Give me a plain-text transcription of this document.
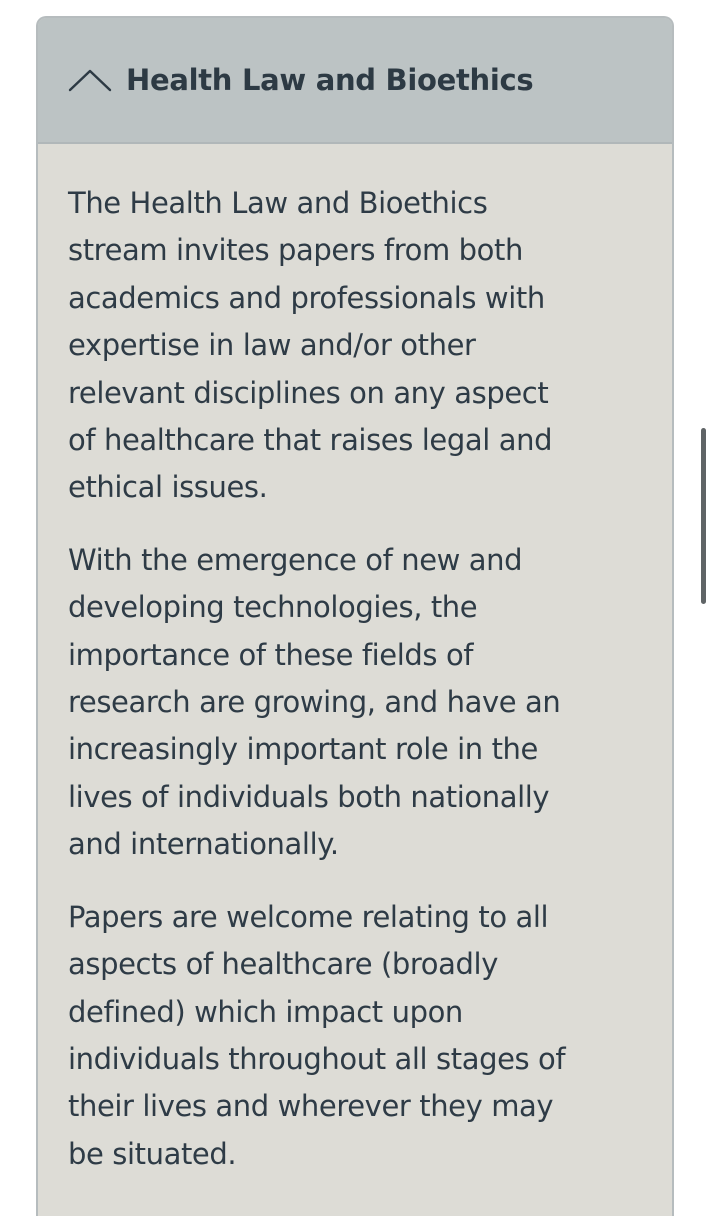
Health Law and Bioethics

The Health Law and Bioethics
stream invites papers from both
academics and professionals with
expertise in law and/or other
relevant disciplines on any aspect
of healthcare that raises legal and
ethical issues.

With the emergence of new and
developing technologies, the
importance of these fields of
research are growing, and have an
increasingly important role in the
lives of individuals both nationally
and internationally.

Papers are welcome relating to all
aspects of healthcare (broadly
defined) which impact upon
individuals throughout all stages of
their lives and wherever they may
be situated.
